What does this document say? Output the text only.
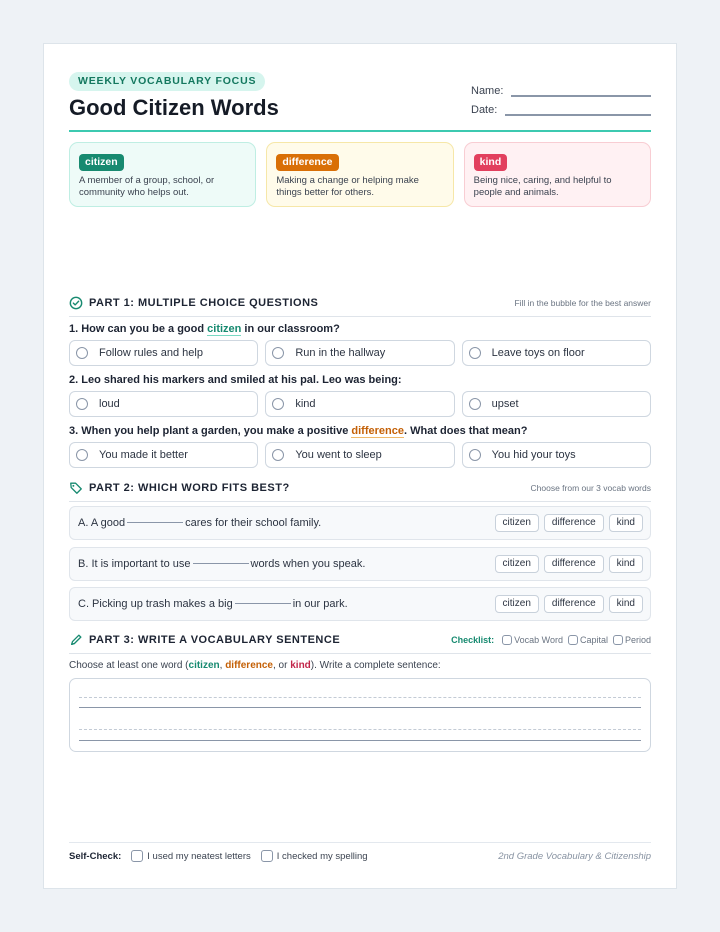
WEEKLY VOCABULARY FOCUS
Good Citizen Words
Name:
Date:
citizen
A member of a group, school, or community who helps out.
difference
Making a change or helping make things better for others.
kind
Being nice, caring, and helpful to people and animals.
PART 1: MULTIPLE CHOICE QUESTIONS	Fill in the bubble for the best answer
1. How can you be a good citizen in our classroom?
Follow rules and help	Run in the hallway	Leave toys on floor
2. Leo shared his markers and smiled at his pal. Leo was being:
loud	kind	upset
3. When you help plant a garden, you make a positive difference. What does that mean?
You made it better	You went to sleep	You hid your toys
PART 2: WHICH WORD FITS BEST?	Choose from our 3 vocab words
A. A good	cares for their school family.	citizen	difference	kind
B. It is important to use	words when you speak.	citizen	difference	kind
C. Picking up trash makes a big	in our park.	citizen	difference	kind
PART 3: WRITE A VOCABULARY SENTENCE	Checklist: Vocab Word Capital Period
Choose at least one word (citizen, difference, or kind). Write a complete sentence:
Self-Check:	I used my neatest letters	I checked my spelling	2nd Grade Vocabulary & Citizenship
